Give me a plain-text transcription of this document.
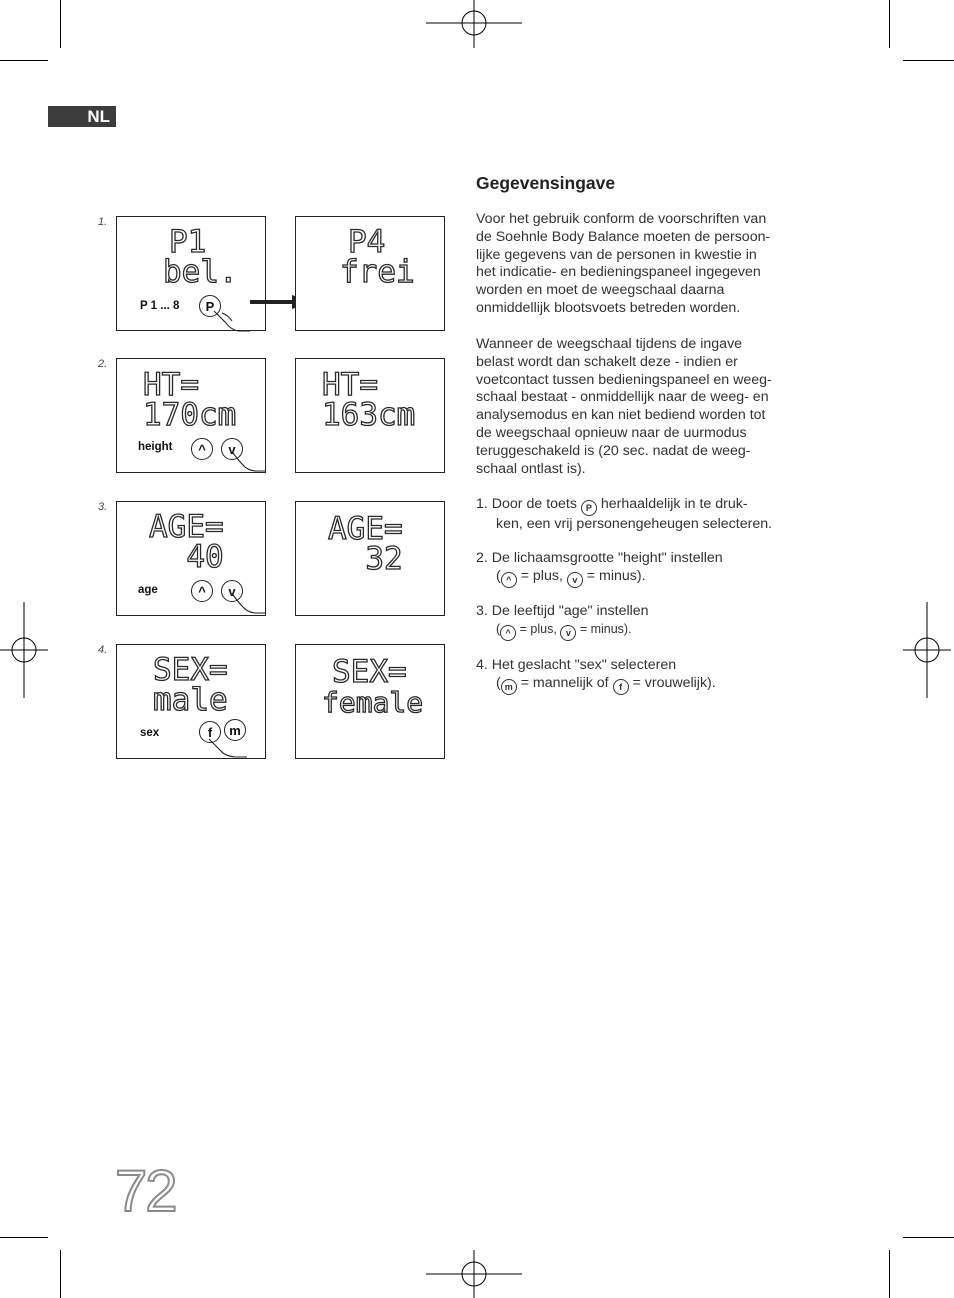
NL
Gegevensingave
Voor het gebruik conform de voorschriften van
de Soehnle Body Balance moeten de persoon-
lijke gegevens van de personen in kwestie in
het indicatie- en bedieningspaneel ingegeven
worden en moet de weegschaal daarna
onmiddellijk blootsvoets betreden worden.
Wanneer de weegschaal tijdens de ingave
belast wordt dan schakelt deze - indien er
voetcontact tussen bedieningspaneel en weeg-
schaal bestaat - onmiddellijk naar de weeg- en
analysemodus en kan niet bediend worden tot
de weegschaal opnieuw naar de uurmodus
teruggeschakeld is (20 sec. nadat de weeg-
schaal ontlast is).
1. Door de toets P herhaaldelijk in te druk-
ken, een vrij personengeheugen selecteren.
2. De lichaamsgrootte "height" instellen
( ^ = plus, v = minus).
3. De leeftijd "age" instellen
( ^ = plus, v = minus).
4. Het geslacht "sex" selecteren
( m = mannelijk of f = vrouwelijk).
1.
2.
3.
4.
P1
bel.
P 1 ... 8	P
P4
frei
HT=
170cm
height	^	v
HT=
163cm
AGE=
40
age	^	v
AGE=
32
SEX=
male
sex	f	m
SEX=
female
72
